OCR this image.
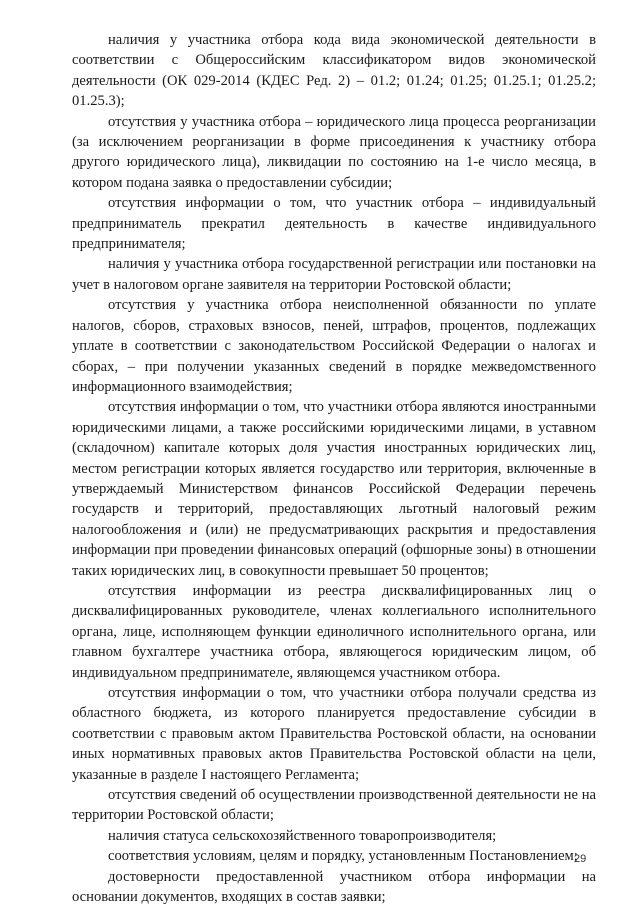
наличия у участника отбора кода вида экономической деятельности в соответствии с Общероссийским классификатором видов экономической деятельности (ОК 029-2014 (КДЕС Ред. 2) – 01.2; 01.24; 01.25; 01.25.1; 01.25.2; 01.25.3);

отсутствия у участника отбора – юридического лица процесса реорганизации (за исключением реорганизации в форме присоединения к участнику отбора другого юридического лица), ликвидации по состоянию на 1-е число месяца, в котором подана заявка о предоставлении субсидии;

отсутствия информации о том, что участник отбора – индивидуальный предприниматель прекратил деятельность в качестве индивидуального предпринимателя;

наличия у участника отбора государственной регистрации или постановки на учет в налоговом органе заявителя на территории Ростовской области;

отсутствия у участника отбора неисполненной обязанности по уплате налогов, сборов, страховых взносов, пеней, штрафов, процентов, подлежащих уплате в соответствии с законодательством Российской Федерации о налогах и сборах, – при получении указанных сведений в порядке межведомственного информационного взаимодействия;

отсутствия информации о том, что участники отбора являются иностранными юридическими лицами, а также российскими юридическими лицами, в уставном (складочном) капитале которых доля участия иностранных юридических лиц, местом регистрации которых является государство или территория, включенные в утверждаемый Министерством финансов Российской Федерации перечень государств и территорий, предоставляющих льготный налоговый режим налогообложения и (или) не предусматривающих раскрытия и предоставления информации при проведении финансовых операций (офшорные зоны) в отношении таких юридических лиц, в совокупности превышает 50 процентов;

отсутствия информации из реестра дисквалифицированных лиц о дисквалифицированных руководителе, членах коллегиального исполнительного органа, лице, исполняющем функции единоличного исполнительного органа, или главном бухгалтере участника отбора, являющегося юридическим лицом, об индивидуальном предпринимателе, являющемся участником отбора.

отсутствия информации о том, что участники отбора получали средства из областного бюджета, из которого планируется предоставление субсидии в соответствии с правовым актом Правительства Ростовской области, на основании иных нормативных правовых актов Правительства Ростовской области на цели, указанные в разделе I настоящего Регламента;

отсутствия сведений об осуществлении производственной деятельности не на территории Ростовской области;

наличия статуса сельскохозяйственного товаропроизводителя;

соответствия условиям, целям и порядку, установленным Постановлением;

достоверности предоставленной участником отбора информации на основании документов, входящих в состав заявки;

29
